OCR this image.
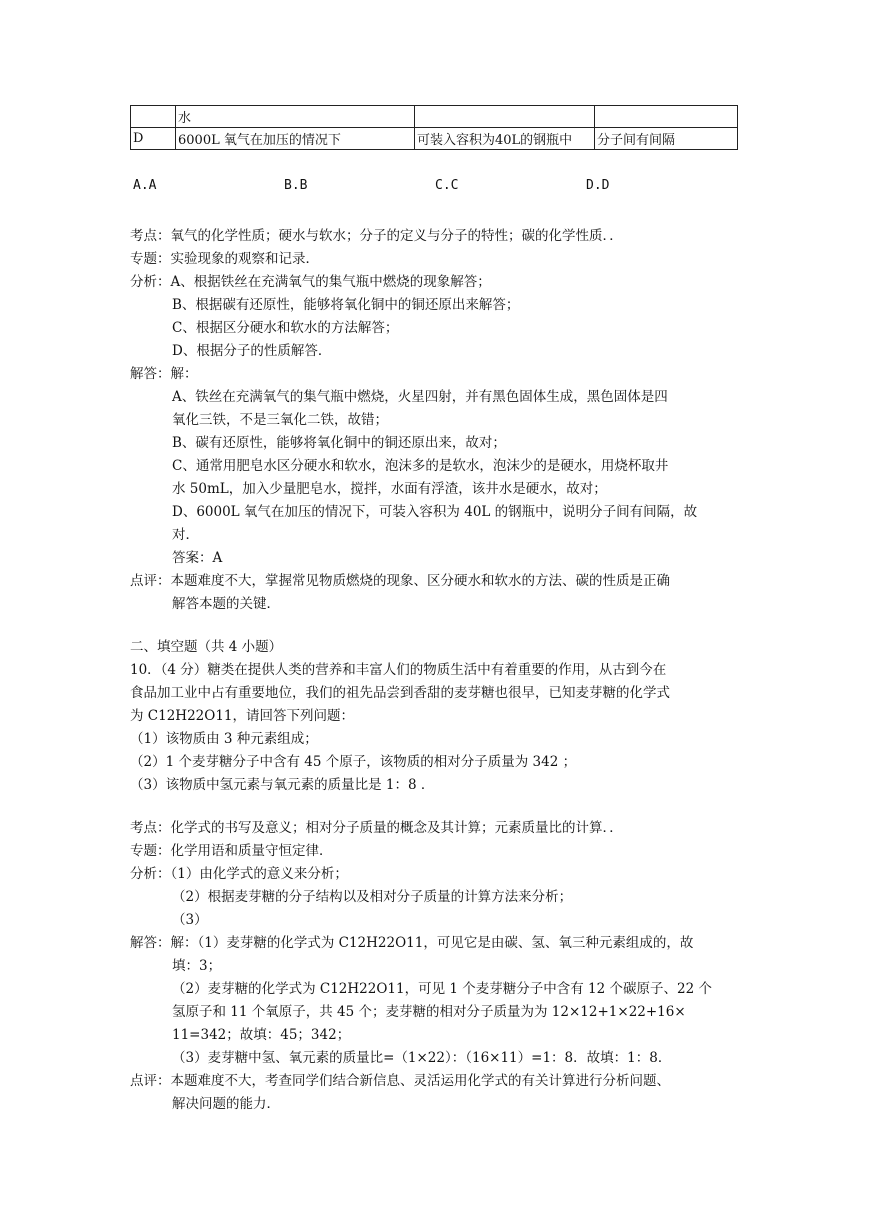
	水		
D	6000L 氧气在加压的情况下	可装入容积为40L的钢瓶中	分子间有间隔
A.A	B.B	C.C	D.D
考点：氧气的化学性质；硬水与软水；分子的定义与分子的特性；碳的化学性质．．
专题：实验现象的观察和记录．
分析：A、根据铁丝在充满氧气的集气瓶中燃烧的现象解答；
B、根据碳有还原性，能够将氧化铜中的铜还原出来解答；
C、根据区分硬水和软水的方法解答；
D、根据分子的性质解答．
解答：解：
A、铁丝在充满氧气的集气瓶中燃烧，火星四射，并有黑色固体生成，黑色固体是四
氧化三铁，不是三氧化二铁，故错；
B、碳有还原性，能够将氧化铜中的铜还原出来，故对；
C、通常用肥皂水区分硬水和软水，泡沫多的是软水，泡沫少的是硬水，用烧杯取井
水 50mL，加入少量肥皂水，搅拌，水面有浮渣，该井水是硬水，故对；
D、6000L 氧气在加压的情况下，可装入容积为 40L 的钢瓶中，说明分子间有间隔，故
对．
答案：A
点评：本题难度不大，掌握常见物质燃烧的现象、区分硬水和软水的方法、碳的性质是正确
解答本题的关键．
二、填空题（共 4 小题）
10．（4 分）糖类在提供人类的营养和丰富人们的物质生活中有着重要的作用，从古到今在
食品加工业中占有重要地位，我们的祖先品尝到香甜的麦芽糖也很早，已知麦芽糖的化学式
为 C12H22O11，请回答下列问题：
（1）该物质由 3 种元素组成；
（2）1 个麦芽糖分子中含有 45 个原子，该物质的相对分子质量为 342 ；
（3）该物质中氢元素与氧元素的质量比是 1：8 ．
考点：化学式的书写及意义；相对分子质量的概念及其计算；元素质量比的计算．．
专题：化学用语和质量守恒定律．
分析：（1）由化学式的意义来分析；
（2）根据麦芽糖的分子结构以及相对分子质量的计算方法来分析；
（3）
解答：解：（1）麦芽糖的化学式为 C12H22O11，可见它是由碳、氢、氧三种元素组成的，故
填：3；
（2）麦芽糖的化学式为 C12H22O11，可见 1 个麦芽糖分子中含有 12 个碳原子、22 个
氢原子和 11 个氧原子，共 45 个；麦芽糖的相对分子质量为为 12×12+1×22+16×
11=342；故填：45；342；
（3）麦芽糖中氢、氧元素的质量比=（1×22）：（16×11）=1：8．故填：1：8．
点评：本题难度不大，考查同学们结合新信息、灵活运用化学式的有关计算进行分析问题、
解决问题的能力．
